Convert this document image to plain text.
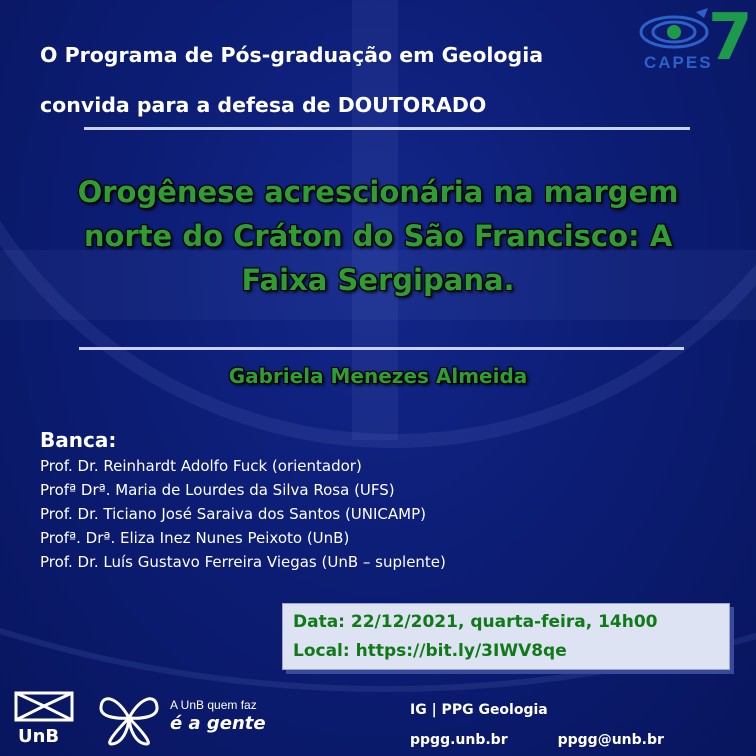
O Programa de Pós-graduação em Geologia

convida para a defesa de DOUTORADO

7
CAPES
Orogênese acrescionária na margem
norte do Cráton do São Francisco: A
Faixa Sergipana.
Gabriela Menezes Almeida
Banca:
Prof. Dr. Reinhardt Adolfo Fuck (orientador)
Profª Drª. Maria de Lourdes da Silva Rosa (UFS)
Prof. Dr. Ticiano José Saraiva dos Santos (UNICAMP)
Profª. Drª. Eliza Inez Nunes Peixoto (UnB)
Prof. Dr. Luís Gustavo Ferreira Viegas (UnB – suplente)
Data: 22/12/2021, quarta-feira, 14h00
Local: https://bit.ly/3IWV8qe
UnB
A UnB quem faz
é a gente
IG | PPG Geologia
ppgg.unb.br	ppgg@unb.br
